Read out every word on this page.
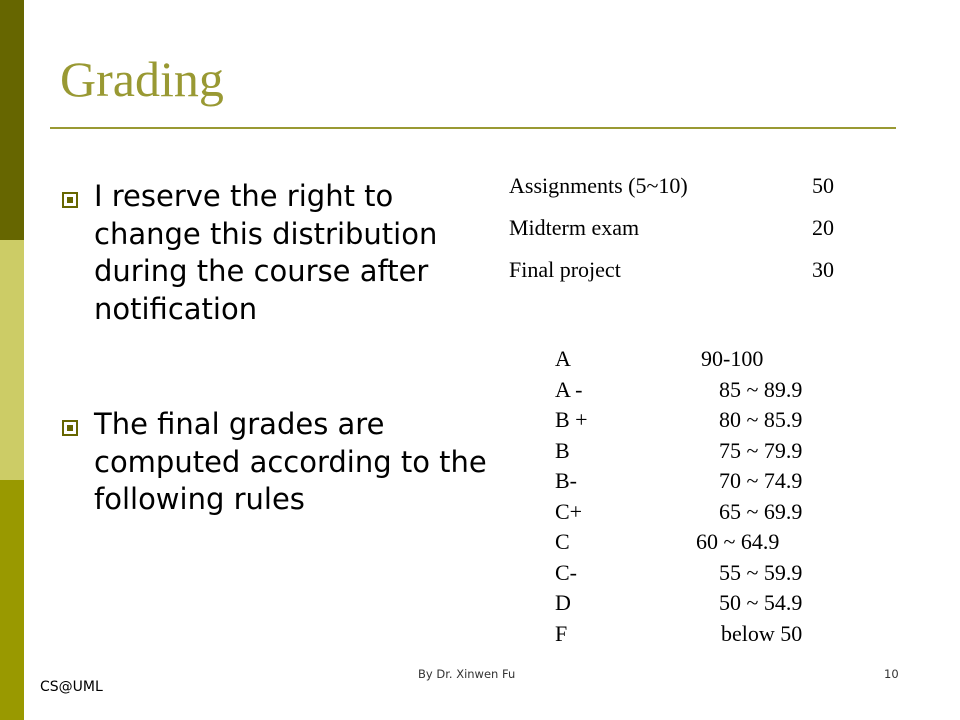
Grading
I reserve the right to change this distribution during the course after notification
The final grades are computed according to the following rules
Assignments (5~10)	50
Midterm exam	20
Final project	30
A	90-100
A -	85 ~ 89.9
B +	80 ~ 85.9
B	75 ~ 79.9
B-	70 ~ 74.9
C+	65 ~ 69.9
C	60 ~ 64.9
C-	55 ~ 59.9
D	50 ~ 54.9
F	below 50
CS@UML
By Dr. Xinwen Fu	10
